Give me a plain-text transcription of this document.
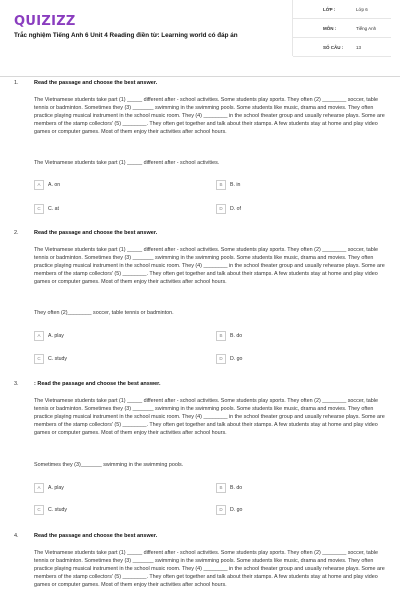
QUIZIZZ
Trắc nghiệm Tiếng Anh 6 Unit 4 Reading điền từ: Learning world có đáp án
LỚP :	Lớp 6
MÔN :	Tiếng Anh
SỐ CÂU :	13
1.	Read the passage and choose the best answer.
The Vietnamese students take part (1) _____ different after - school activities. Some students play sports. They often (2) ________ soccer, table tennis or badminton. Sometimes they (3) _______ swimming in the swimming pools. Some students like music, drama and movies. They often practice playing musical instrument in the school music room. They (4) ________ in the school theater group and usually rehearse plays. Some are members of the stamp collectors' (5) ________. They often get together and talk about their stamps. A few students stay at home and play video games or computer games. Most of them enjoy their activities after school hours.
The Vietnamese students take part (1) _____ different after - school activities.
A	A. on	B	B. in
C	C. at	D	D. of
2.	Read the passage and choose the best answer.
The Vietnamese students take part (1) _____ different after - school activities. Some students play sports. They often (2) ________ soccer, table tennis or badminton. Sometimes they (3) _______ swimming in the swimming pools. Some students like music, drama and movies. They often practice playing musical instrument in the school music room. They (4) ________ in the school theater group and usually rehearse plays. Some are members of the stamp collectors' (5) ________. They often get together and talk about their stamps. A few students stay at home and play video games or computer games. Most of them enjoy their activities after school hours.
They often (2)________ soccer, table tennis or badminton.
A	A. play	B	B. do
C	C. study	D	D. go
3.	: Read the passage and choose the best answer.
The Vietnamese students take part (1) _____ different after - school activities. Some students play sports. They often (2) ________ soccer, table tennis or badminton. Sometimes they (3) _______ swimming in the swimming pools. Some students like music, drama and movies. They often practice playing musical instrument in the school music room. They (4) ________ in the school theater group and usually rehearse plays. Some are members of the stamp collectors' (5) ________. They often get together and talk about their stamps. A few students stay at home and play video games or computer games. Most of them enjoy their activities after school hours.
Sometimes they (3)_______ swimming in the swimming pools.
A	A. play	B	B. do
C	C. study	D	D. go
4.	Read the passage and choose the best answer.
The Vietnamese students take part (1) _____ different after - school activities. Some students play sports. They often (2) ________ soccer, table tennis or badminton. Sometimes they (3) _______ swimming in the swimming pools. Some students like music, drama and movies. They often practice playing musical instrument in the school music room. They (4) ________ in the school theater group and usually rehearse plays. Some are members of the stamp collectors' (5) ________. They often get together and talk about their stamps. A few students stay at home and play video games or computer games. Most of them enjoy their activities after school hours.
